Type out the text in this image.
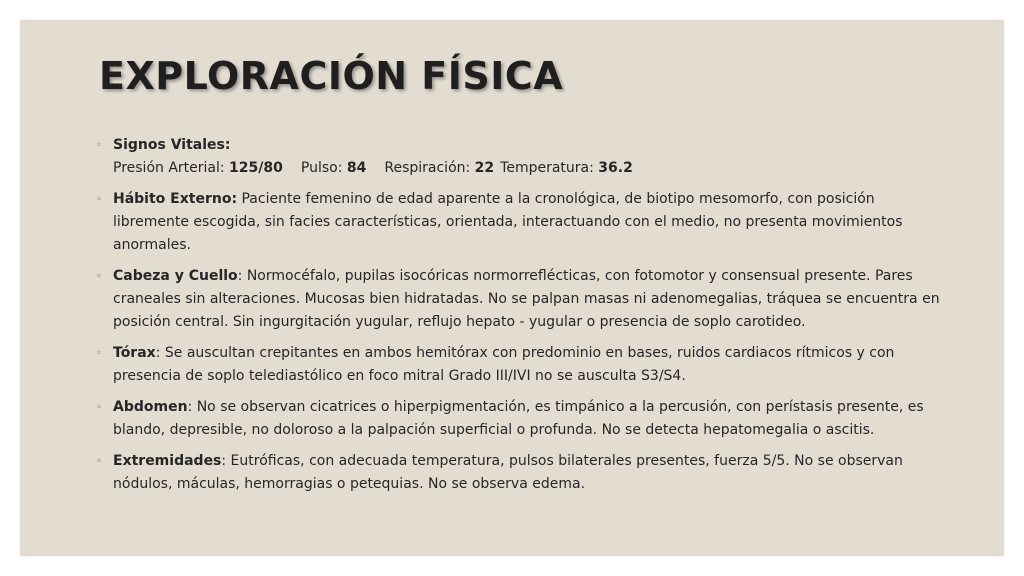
EXPLORACIÓN FÍSICA
◦ Signos Vitales:
Presión Arterial: 125/80 Pulso: 84 Respiración: 22 Temperatura: 36.2
◦ Hábito Externo: Paciente femenino de edad aparente a la cronológica, de biotipo mesomorfo, con posición libremente escogida, sin facies características, orientada, interactuando con el medio, no presenta movimientos anormales.
◦ Cabeza y Cuello: Normocéfalo, pupilas isocóricas normorreflécticas, con fotomotor y consensual presente. Pares craneales sin alteraciones. Mucosas bien hidratadas. No se palpan masas ni adenomegalias, tráquea se encuentra en posición central. Sin ingurgitación yugular, reflujo hepato - yugular o presencia de soplo carotideo.
◦ Tórax: Se auscultan crepitantes en ambos hemitórax con predominio en bases, ruidos cardiacos rítmicos y con presencia de soplo telediastólico en foco mitral Grado III/IVI no se ausculta S3/S4.
◦ Abdomen: No se observan cicatrices o hiperpigmentación, es timpánico a la percusión, con perístasis presente, es blando, depresible, no doloroso a la palpación superficial o profunda. No se detecta hepatomegalia o ascitis.
◦ Extremidades: Eutróficas, con adecuada temperatura, pulsos bilaterales presentes, fuerza 5/5. No se observan nódulos, máculas, hemorragias o petequias. No se observa edema.
